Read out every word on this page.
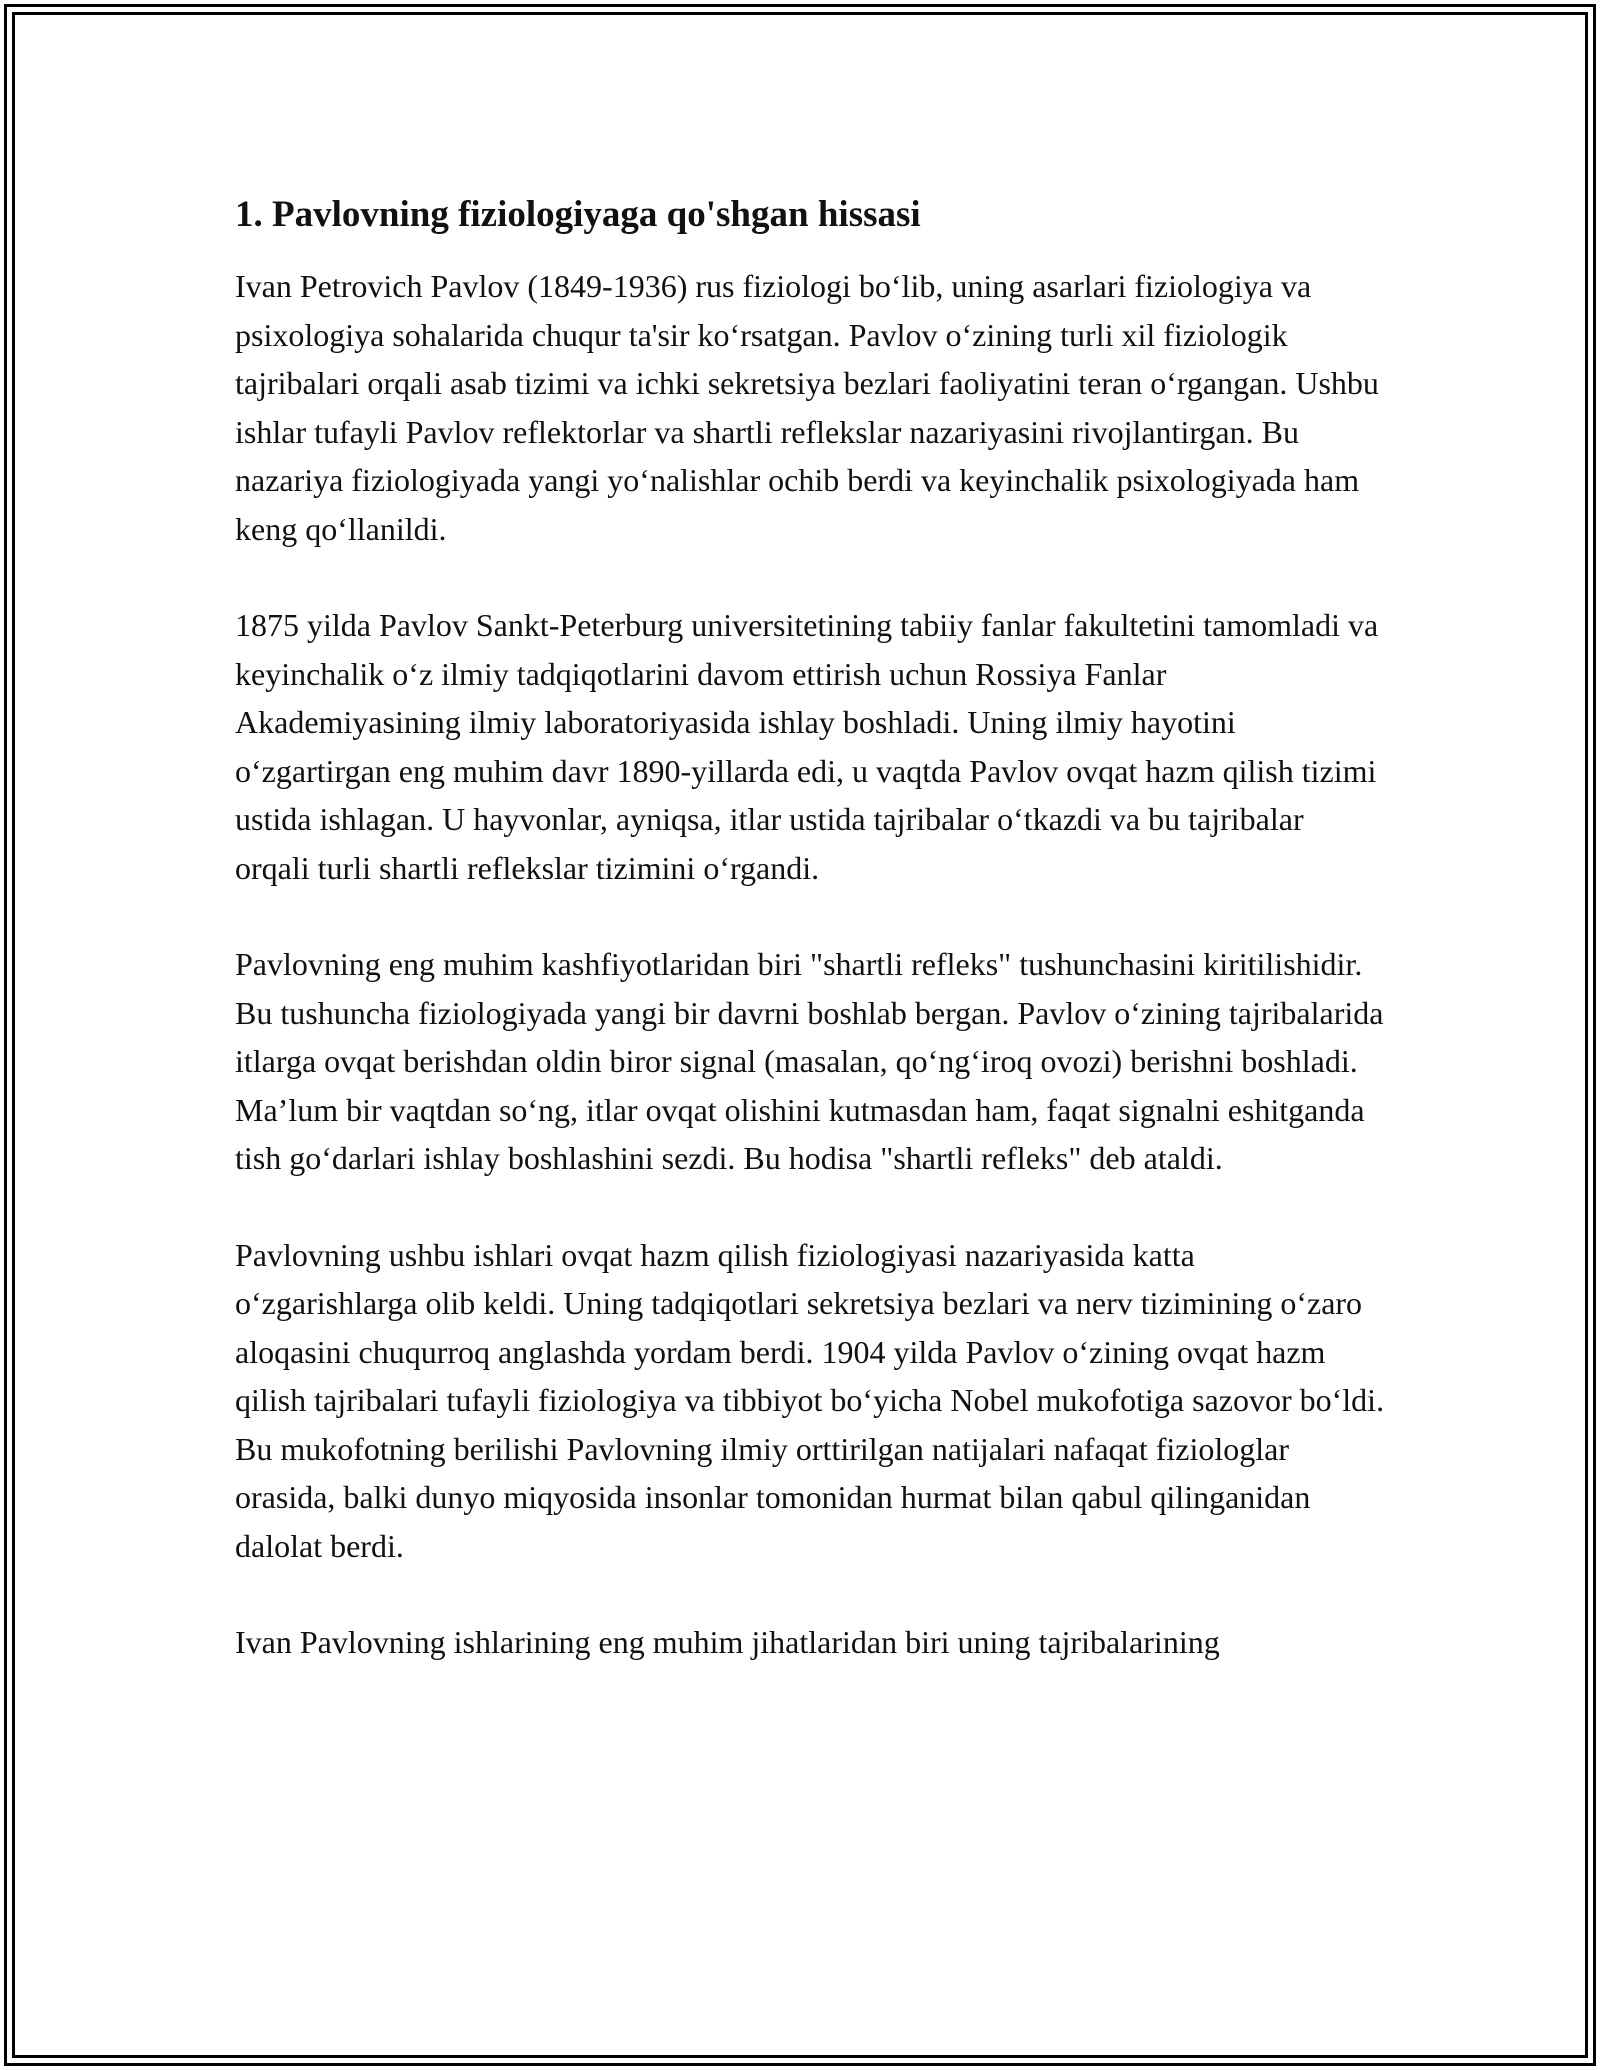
1. Pavlovning fiziologiyaga qo'shgan hissasi

Ivan Petrovich Pavlov (1849-1936) rus fiziologi bo‘lib, uning asarlari fiziologiya va psixologiya sohalarida chuqur ta'sir ko‘rsatgan. Pavlov o‘zining turli xil fiziologik tajribalari orqali asab tizimi va ichki sekretsiya bezlari faoliyatini teran o‘rgangan. Ushbu ishlar tufayli Pavlov reflektorlar va shartli reflekslar nazariyasini rivojlantirgan. Bu nazariya fiziologiyada yangi yo‘nalishlar ochib berdi va keyinchalik psixologiyada ham keng qo‘llanildi.

1875 yilda Pavlov Sankt-Peterburg universitetining tabiiy fanlar fakultetini tamomladi va keyinchalik o‘z ilmiy tadqiqotlarini davom ettirish uchun Rossiya Fanlar Akademiyasining ilmiy laboratoriyasida ishlay boshladi. Uning ilmiy hayotini o‘zgartirgan eng muhim davr 1890-yillarda edi, u vaqtda Pavlov ovqat hazm qilish tizimi ustida ishlagan. U hayvonlar, ayniqsa, itlar ustida tajribalar o‘tkazdi va bu tajribalar orqali turli shartli reflekslar tizimini o‘rgandi.

Pavlovning eng muhim kashfiyotlaridan biri "shartli refleks" tushunchasini kiritilishidir. Bu tushuncha fiziologiyada yangi bir davrni boshlab bergan. Pavlov o‘zining tajribalarida itlarga ovqat berishdan oldin biror signal (masalan, qo‘ng‘iroq ovozi) berishni boshladi. Ma’lum bir vaqtdan so‘ng, itlar ovqat olishini kutmasdan ham, faqat signalni eshitganda tish go‘darlari ishlay boshlashini sezdi. Bu hodisa "shartli refleks" deb ataldi.

Pavlovning ushbu ishlari ovqat hazm qilish fiziologiyasi nazariyasida katta o‘zgarishlarga olib keldi. Uning tadqiqotlari sekretsiya bezlari va nerv tizimining o‘zaro aloqasini chuqurroq anglashda yordam berdi. 1904 yilda Pavlov o‘zining ovqat hazm qilish tajribalari tufayli fiziologiya va tibbiyot bo‘yicha Nobel mukofotiga sazovor bo‘ldi. Bu mukofotning berilishi Pavlovning ilmiy orttirilgan natijalari nafaqat fiziologlar orasida, balki dunyo miqyosida insonlar tomonidan hurmat bilan qabul qilinganidan dalolat berdi.

Ivan Pavlovning ishlarining eng muhim jihatlaridan biri uning tajribalarining
